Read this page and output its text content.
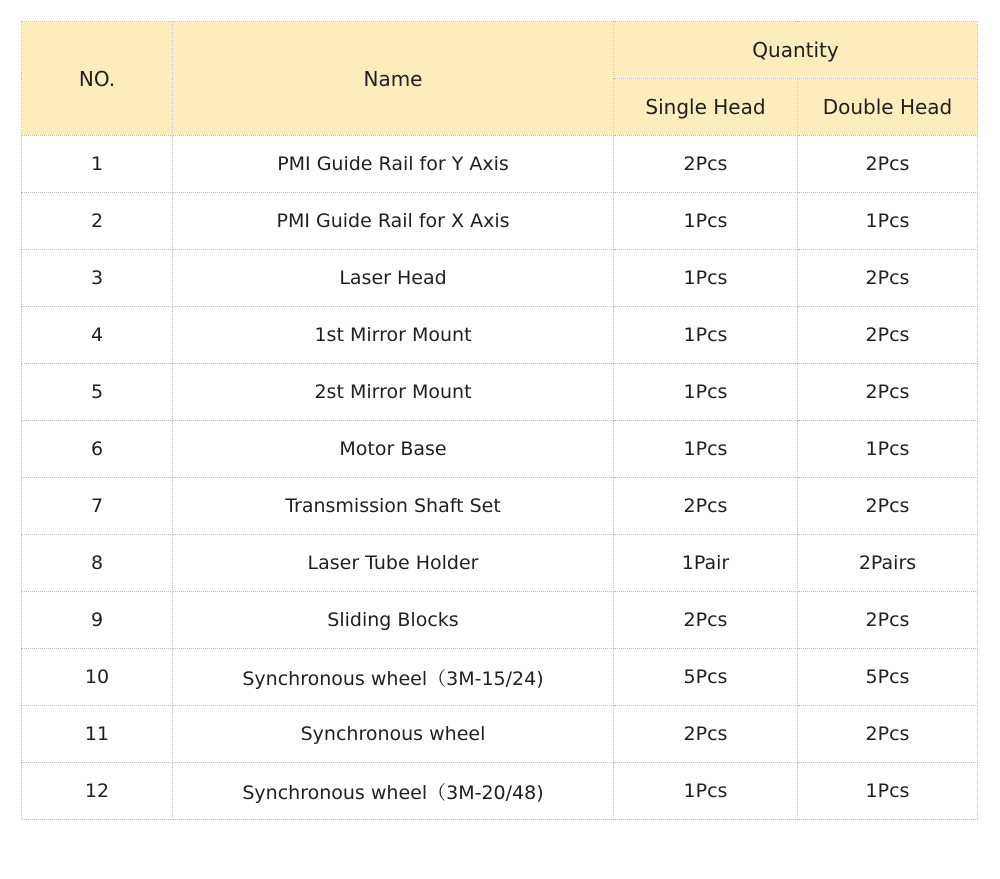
NO.	Name	Quantity	
		Single Head	Double Head
1	PMI Guide Rail for Y Axis	2Pcs	2Pcs
2	PMI Guide Rail for X Axis	1Pcs	1Pcs
3	Laser Head	1Pcs	2Pcs
4	1st Mirror Mount	1Pcs	2Pcs
5	2st Mirror Mount	1Pcs	2Pcs
6	Motor Base	1Pcs	1Pcs
7	Transmission Shaft Set	2Pcs	2Pcs
8	Laser Tube Holder	1Pair	2Pairs
9	Sliding Blocks	2Pcs	2Pcs
10	Synchronous wheel（3M-15/24)	5Pcs	5Pcs
11	Synchronous wheel	2Pcs	2Pcs
12	Synchronous wheel（3M-20/48)	1Pcs	1Pcs
